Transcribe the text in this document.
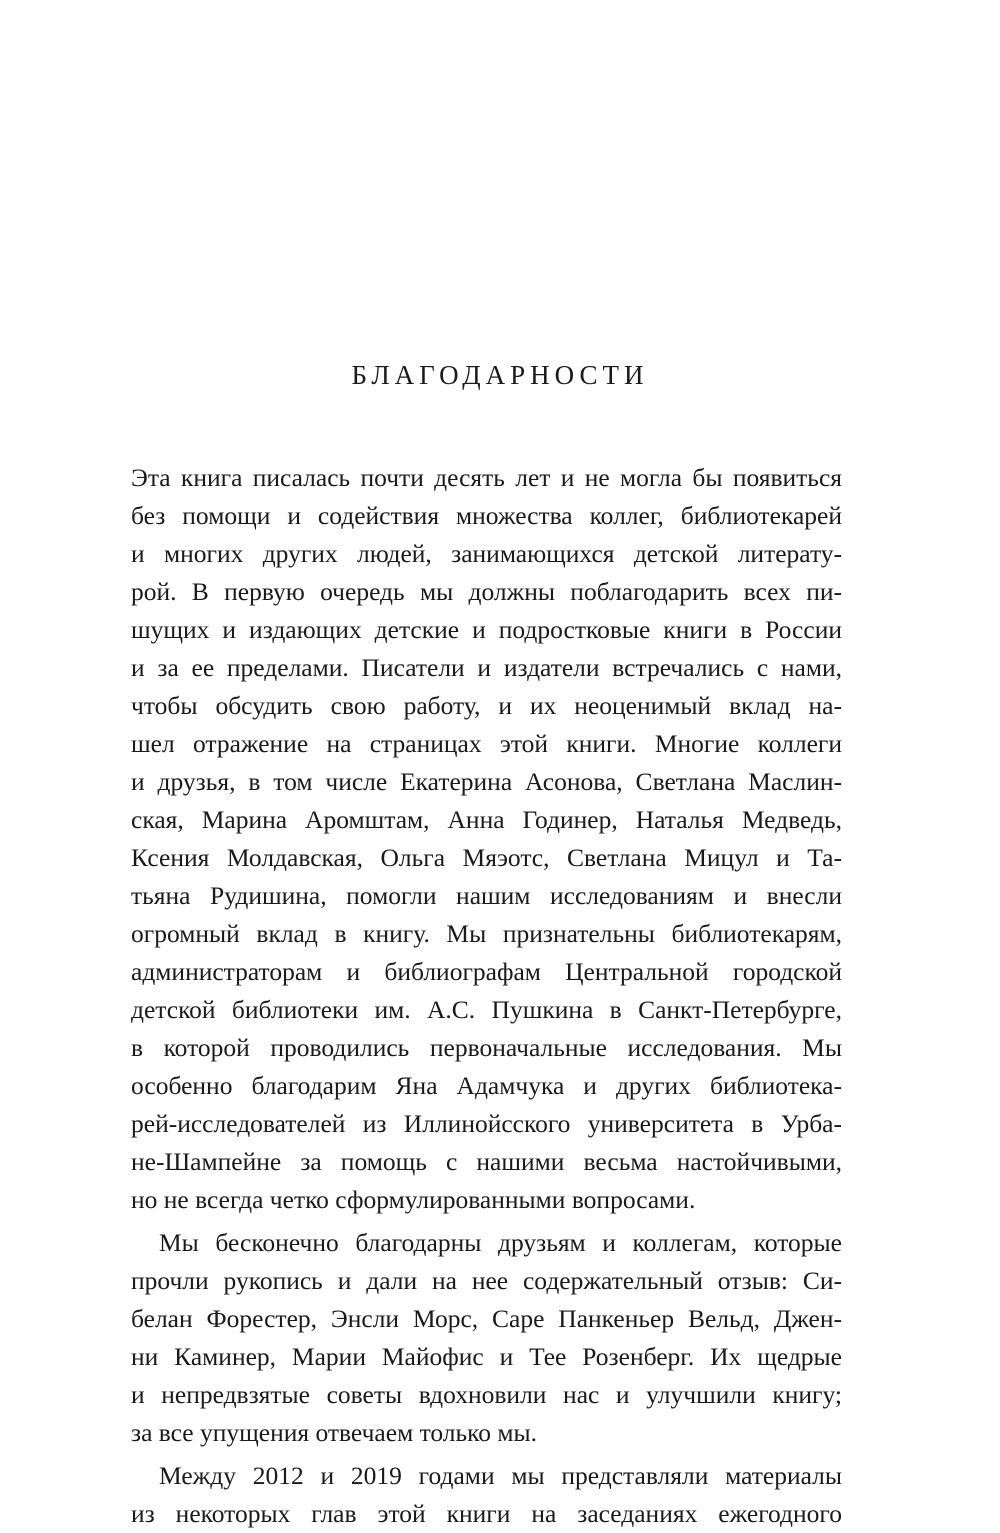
БЛАГОДАРНОСТИ
Эта книга писалась почти десять лет и не могла бы появиться
без помощи и содействия множества коллег, библиотекарей
и многих других людей, занимающихся детской литерату-
рой. В первую очередь мы должны поблагодарить всех пи-
шущих и издающих детские и подростковые книги в России
и за ее пределами. Писатели и издатели встречались с нами,
чтобы обсудить свою работу, и их неоценимый вклад на-
шел отражение на страницах этой книги. Многие коллеги
и друзья, в том числе Екатерина Асонова, Светлана Маслин-
ская, Марина Аромштам, Анна Годинер, Наталья Медведь,
Ксения Молдавская, Ольга Мяэотс, Светлана Мицул и Та-
тьяна Рудишина, помогли нашим исследованиям и внесли
огромный вклад в книгу. Мы признательны библиотекарям,
администраторам и библиографам Центральной городской
детской библиотеки им. А.С. Пушкина в Санкт-Петербурге,
в которой проводились первоначальные исследования. Мы
особенно благодарим Яна Адамчука и других библиотека-
рей-исследователей из Иллинойсского университета в Урба-
не-Шампейне за помощь с нашими весьма настойчивыми,
но не всегда четко сформулированными вопросами.
Мы бесконечно благодарны друзьям и коллегам, которые
прочли рукопись и дали на нее содержательный отзыв: Си-
белан Форестер, Энсли Морс, Саре Панкеньер Вельд, Джен-
ни Каминер, Марии Майофис и Тее Розенберг. Их щедрые
и непредвзятые советы вдохновили нас и улучшили книгу;
за все упущения отвечаем только мы.
Между 2012 и 2019 годами мы представляли материалы
из некоторых глав этой книги на заседаниях ежегодного
